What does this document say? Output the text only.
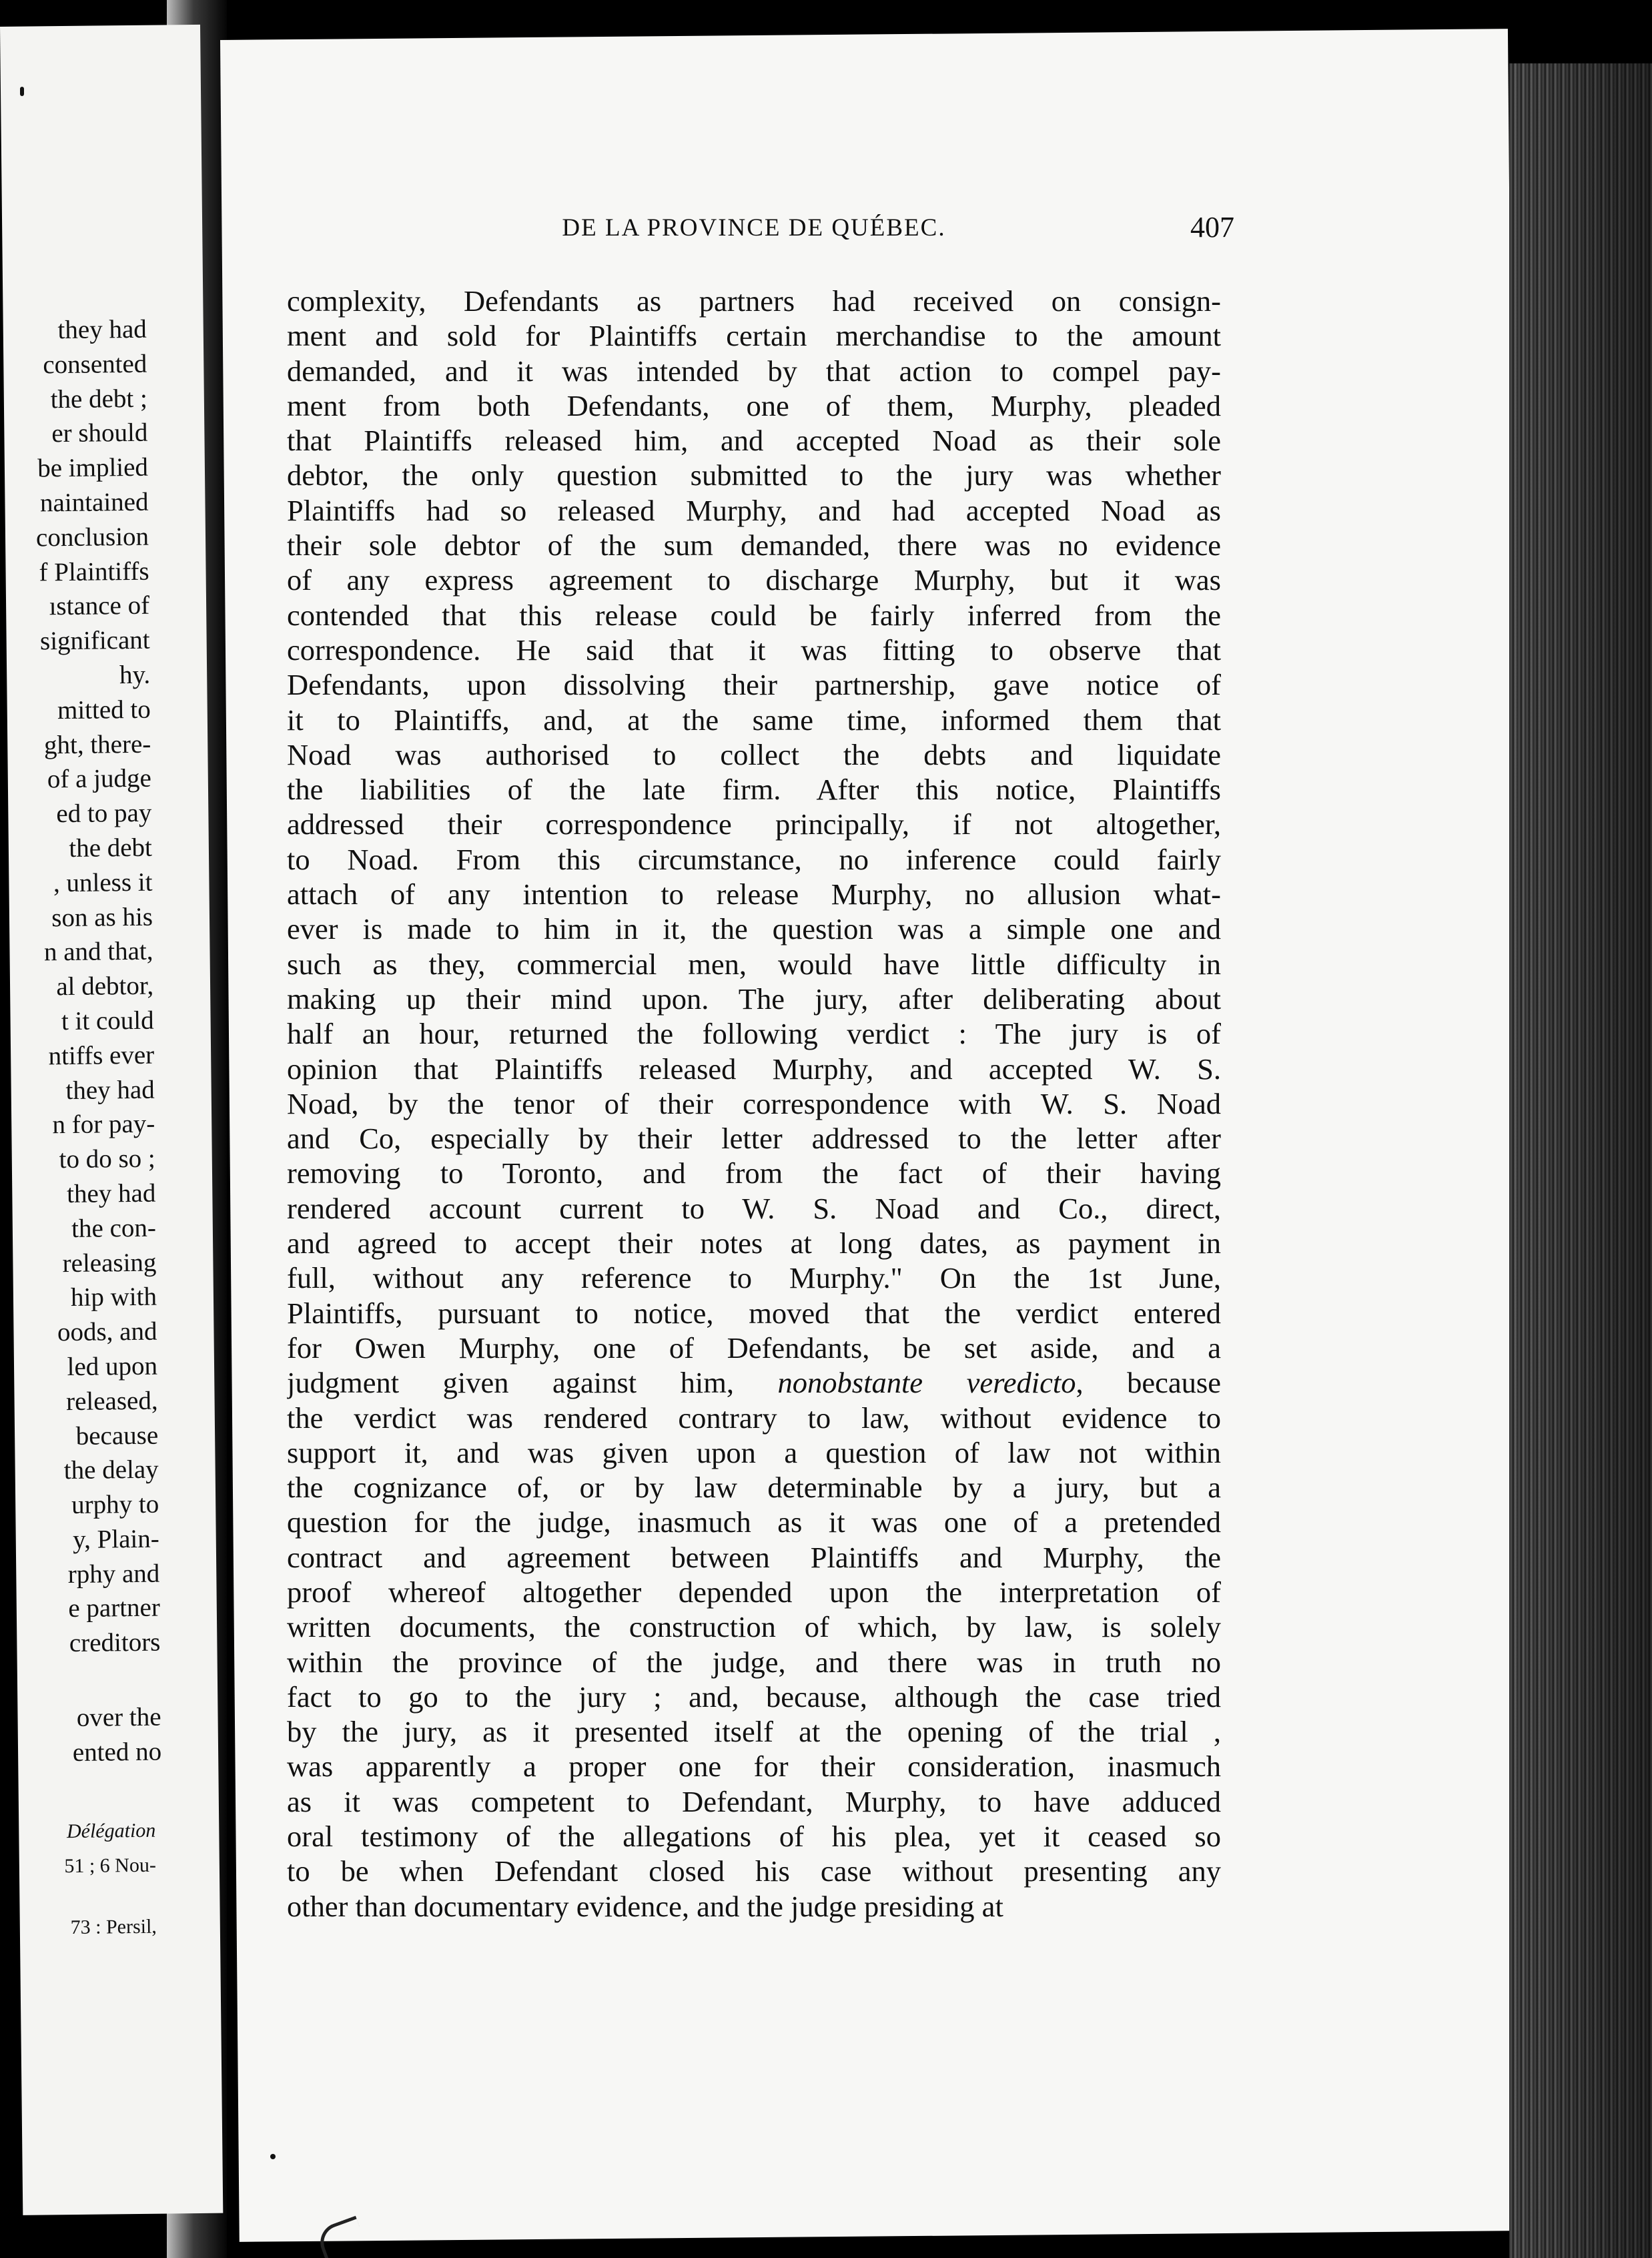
they had
consented
the debt ;
er should
be implied
naintained
conclusion
f Plaintiffs
ıstance of
significant
hy.
mitted to
ght, there-
of a judge
ed to pay
the debt
, unless it
son as his
n and that,
al debtor,
t it could
ntiffs ever
they had
n for pay-
to do so ;
they had
the con-
releasing
hip with
oods, and
led upon
released,
because
the delay
urphy to
y, Plain-
rphy and
e partner
creditors
over the
ented no
Délégation
51 ; 6 Nou-
73 : Persil,
DE LA PROVINCE DE QUÉBEC.	407
complexity, Defendants as partners had received on consign-
ment and sold for Plaintiffs certain merchandise to the amount
demanded, and it was intended by that action to compel pay-
ment from both Defendants, one of them, Murphy, pleaded
that Plaintiffs released him, and accepted Noad as their sole
debtor, the only question submitted to the jury was whether
Plaintiffs had so released Murphy, and had accepted Noad as
their sole debtor of the sum demanded, there was no evidence
of any express agreement to discharge Murphy, but it was
contended that this release could be fairly inferred from the
correspondence. He said that it was fitting to observe that
Defendants, upon dissolving their partnership, gave notice of
it to Plaintiffs, and, at the same time, informed them that
Noad was authorised to collect the debts and liquidate
the liabilities of the late firm. After this notice, Plaintiffs
addressed their correspondence principally, if not altogether,
to Noad. From this circumstance, no inference could fairly
attach of any intention to release Murphy, no allusion what-
ever is made to him in it, the question was a simple one and
such as they, commercial men, would have little difficulty in
making up their mind upon. The jury, after deliberating about
half an hour, returned the following verdict : The jury is of
opinion that Plaintiffs released Murphy, and accepted W. S.
Noad, by the tenor of their correspondence with W. S. Noad
and Co, especially by their letter addressed to the letter after
removing to Toronto, and from the fact of their having
rendered account current to W. S. Noad and Co., direct,
and agreed to accept their notes at long dates, as payment in
full, without any reference to Murphy." On the 1st June,
Plaintiffs, pursuant to notice, moved that the verdict entered
for Owen Murphy, one of Defendants, be set aside, and a
judgment given against him, nonobstante veredicto, because
the verdict was rendered contrary to law, without evidence to
support it, and was given upon a question of law not within
the cognizance of, or by law determinable by a jury, but a
question for the judge, inasmuch as it was one of a pretended
contract and agreement between Plaintiffs and Murphy, the
proof whereof altogether depended upon the interpretation of
written documents, the construction of which, by law, is solely
within the province of the judge, and there was in truth no
fact to go to the jury ; and, because, although the case tried
by the jury, as it presented itself at the opening of the trial ,
was apparently a proper one for their consideration, inasmuch
as it was competent to Defendant, Murphy, to have adduced
oral testimony of the allegations of his plea, yet it ceased so
to be when Defendant closed his case without presenting any
other than documentary evidence, and the judge presiding at
